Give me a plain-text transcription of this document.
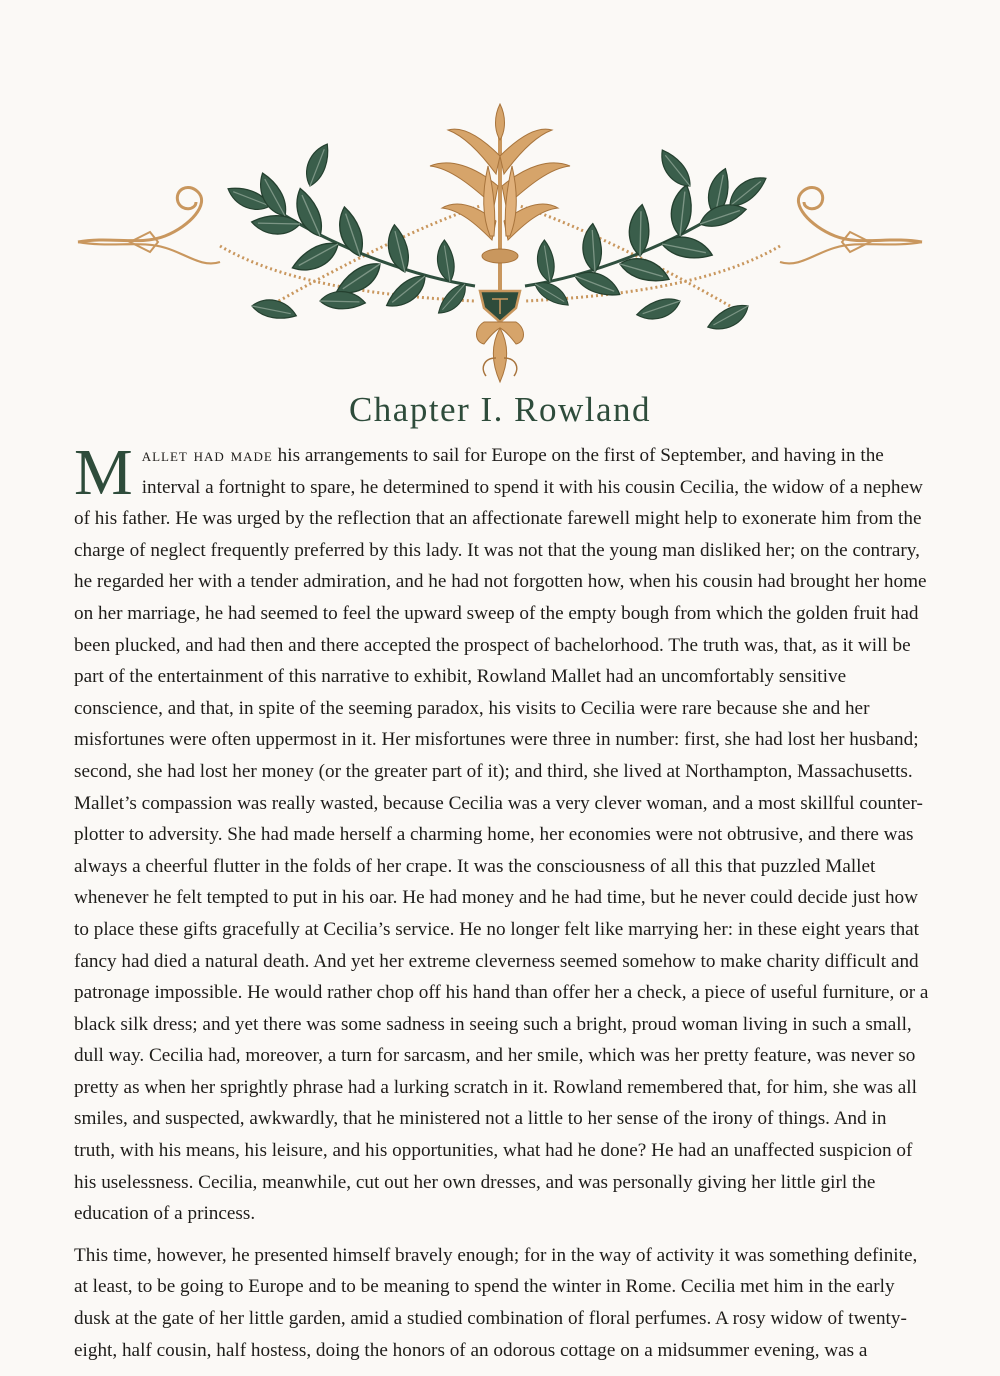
Chapter I. Rowland

Mallet had made his arrangements to sail for Europe on the first of September, and having in the interval a fortnight to spare, he determined to spend it with his cousin Cecilia, the widow of a nephew of his father. He was urged by the reflection that an affectionate farewell might help to exonerate him from the charge of neglect frequently preferred by this lady. It was not that the young man disliked her; on the contrary, he regarded her with a tender admiration, and he had not forgotten how, when his cousin had brought her home on her marriage, he had seemed to feel the upward sweep of the empty bough from which the golden fruit had been plucked, and had then and there accepted the prospect of bachelorhood. The truth was, that, as it will be part of the entertainment of this narrative to exhibit, Rowland Mallet had an uncomfortably sensitive conscience, and that, in spite of the seeming paradox, his visits to Cecilia were rare because she and her misfortunes were often uppermost in it. Her misfortunes were three in number: first, she had lost her husband; second, she had lost her money (or the greater part of it); and third, she lived at Northampton, Massachusetts. Mallet’s compassion was really wasted, because Cecilia was a very clever woman, and a most skillful counter-plotter to adversity. She had made herself a charming home, her economies were not obtrusive, and there was always a cheerful flutter in the folds of her crape. It was the consciousness of all this that puzzled Mallet whenever he felt tempted to put in his oar. He had money and he had time, but he never could decide just how to place these gifts gracefully at Cecilia’s service. He no longer felt like marrying her: in these eight years that fancy had died a natural death. And yet her extreme cleverness seemed somehow to make charity difficult and patronage impossible. He would rather chop off his hand than offer her a check, a piece of useful furniture, or a black silk dress; and yet there was some sadness in seeing such a bright, proud woman living in such a small, dull way. Cecilia had, moreover, a turn for sarcasm, and her smile, which was her pretty feature, was never so pretty as when her sprightly phrase had a lurking scratch in it. Rowland remembered that, for him, she was all smiles, and suspected, awkwardly, that he ministered not a little to her sense of the irony of things. And in truth, with his means, his leisure, and his opportunities, what had he done? He had an unaffected suspicion of his uselessness. Cecilia, meanwhile, cut out her own dresses, and was personally giving her little girl the education of a princess.

This time, however, he presented himself bravely enough; for in the way of activity it was something definite, at least, to be going to Europe and to be meaning to spend the winter in Rome. Cecilia met him in the early dusk at the gate of her little garden, amid a studied combination of floral perfumes. A rosy widow of twenty-eight, half cousin, half hostess, doing the honors of an odorous cottage on a midsummer evening, was a
